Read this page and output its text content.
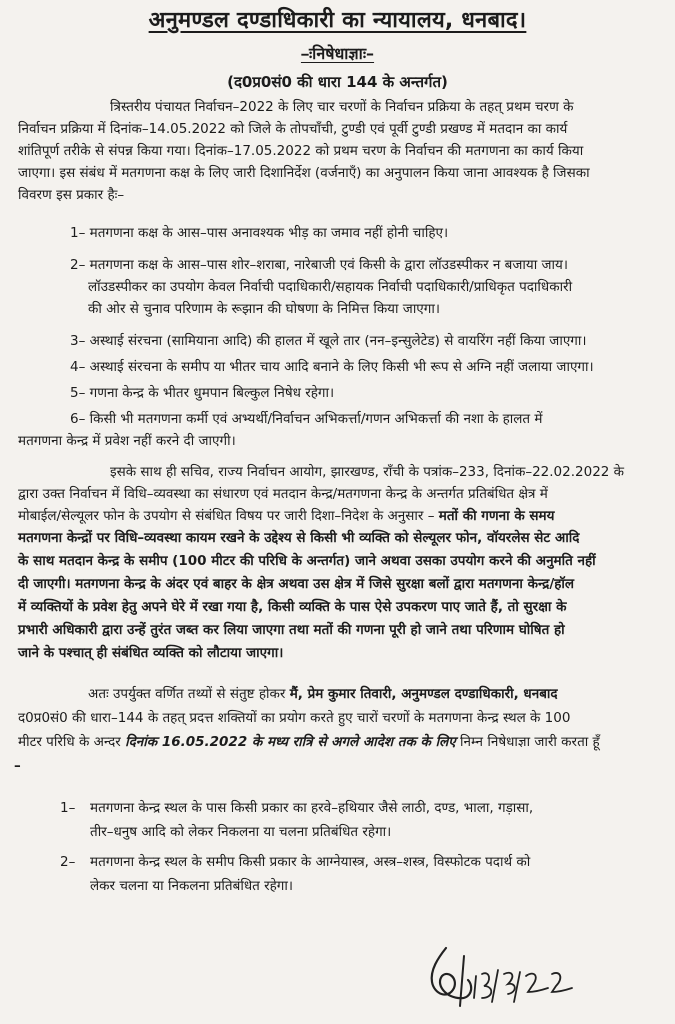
अनुमण्डल दण्डाधिकारी का न्यायालय, धनबाद।
–ःनिषेधाज्ञाः–
(द0प्र0सं0 की धारा 144 के अन्तर्गत)
त्रिस्तरीय पंचायत निर्वाचन–2022 के लिए चार चरणों के निर्वाचन प्रक्रिया के तहत् प्रथम चरण के
निर्वाचन प्रक्रिया में दिनांक–14.05.2022 को जिले के तोपचाँची, टुण्डी एवं पूर्वी टुण्डी प्रखण्ड में मतदान का कार्य
शांतिपूर्ण तरीके से संपन्न किया गया। दिनांक–17.05.2022 को प्रथम चरण के निर्वाचन की मतगणना का कार्य किया
जाएगा। इस संबंध में मतगणना कक्ष के लिए जारी दिशानिर्देश (वर्जनाएँ) का अनुपालन किया जाना आवश्यक है जिसका
विवरण इस प्रकार हैः–
1– मतगणना कक्ष के आस–पास अनावश्यक भीड़ का जमाव नहीं होनी चाहिए।
2– मतगणना कक्ष के आस–पास शोर–शराबा, नारेबाजी एवं किसी के द्वारा लॉउडस्पीकर न बजाया जाय।
लॉउडस्पीकर का उपयोग केवल निर्वाची पदाधिकारी/सहायक निर्वाची पदाधिकारी/प्राधिकृत पदाधिकारी
की ओर से चुनाव परिणाम के रूझान की घोषणा के निमित्त किया जाएगा।
3– अस्थाई संरचना (सामियाना आदि) की हालत में खूले तार (नन–इन्सुलेटेड) से वायरिंग नहीं किया जाएगा।
4– अस्थाई संरचना के समीप या भीतर चाय आदि बनाने के लिए किसी भी रूप से अग्नि नहीं जलाया जाएगा।
5– गणना केन्द्र के भीतर धुमपान बिल्कुल निषेध रहेगा।
6– किसी भी मतगणना कर्मी एवं अभ्यर्थी/निर्वाचन अभिकर्त्ता/गणन अभिकर्त्ता की नशा के हालत में
मतगणना केन्द्र में प्रवेश नहीं करने दी जाएगी।
इसके साथ ही सचिव, राज्य निर्वाचन आयोग, झारखण्ड, राँची के पत्रांक–233, दिनांक–22.02.2022 के
द्वारा उक्त निर्वाचन में विधि–व्यवस्था का संधारण एवं मतदान केन्द्र/मतगणना केन्द्र के अन्तर्गत प्रतिबंधित क्षेत्र में
मोबाईल/सेल्यूलर फोन के उपयोग से संबंधित विषय पर जारी दिशा–निदेश के अनुसार – मतों की गणना के समय
मतगणना केन्द्रों पर विधि–व्यवस्था कायम रखने के उद्देश्य से किसी भी व्यक्ति को सेल्यूलर फोन, वॉयरलेस सेट आदि
के साथ मतदान केन्द्र के समीप (100 मीटर की परिधि के अन्तर्गत) जाने अथवा उसका उपयोग करने की अनुमति नहीं
दी जाएगी। मतगणना केन्द्र के अंदर एवं बाहर के क्षेत्र अथवा उस क्षेत्र में जिसे सुरक्षा बलों द्वारा मतगणना केन्द्र/हॉल
में व्यक्तियों के प्रवेश हेतु अपने घेरे में रखा गया है, किसी व्यक्ति के पास ऐसे उपकरण पाए जाते हैं, तो सुरक्षा के
प्रभारी अधिकारी द्वारा उन्हें तुरंत जब्त कर लिया जाएगा तथा मतों की गणना पूरी हो जाने तथा परिणाम घोषित हो
जाने के पश्चात् ही संबंधित व्यक्ति को लौटाया जाएगा।
अतः उपर्युक्त वर्णित तथ्यों से संतुष्ट होकर मैं, प्रेम कुमार तिवारी, अनुमण्डल दण्डाधिकारी, धनबाद
द0प्र0सं0 की धारा–144 के तहत् प्रदत्त शक्तियों का प्रयोग करते हुए चारों चरणों के मतगणना केन्द्र स्थल के 100
मीटर परिधि के अन्दर दिनांक 16.05.2022 के मध्य रात्रि से अगले आदेश तक के लिए निम्न निषेधाज्ञा जारी करता हूँ
–
1– मतगणना केन्द्र स्थल के पास किसी प्रकार का हरवे–हथियार जैसे लाठी, दण्ड, भाला, गड़ासा,
तीर–धनुष आदि को लेकर निकलना या चलना प्रतिबंधित रहेगा।
2– मतगणना केन्द्र स्थल के समीप किसी प्रकार के आग्नेयास्त्र, अस्त्र–शस्त्र, विस्फोटक पदार्थ को
लेकर चलना या निकलना प्रतिबंधित रहेगा।
